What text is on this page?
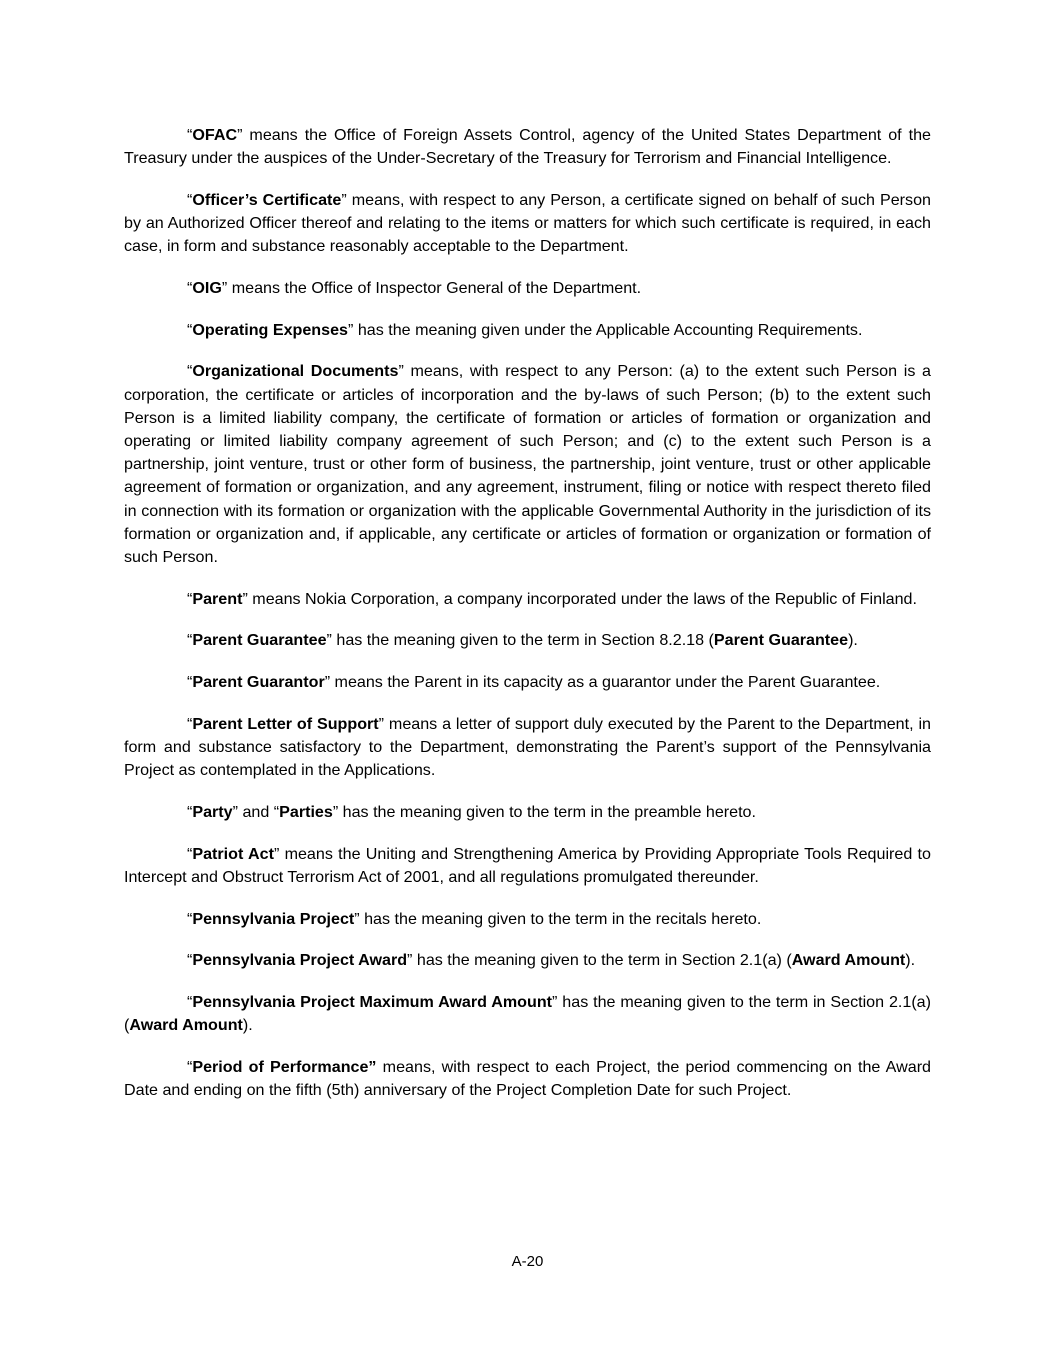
“OFAC” means the Office of Foreign Assets Control, agency of the United States Department of the Treasury under the auspices of the Under-Secretary of the Treasury for Terrorism and Financial Intelligence.

“Officer’s Certificate” means, with respect to any Person, a certificate signed on behalf of such Person by an Authorized Officer thereof and relating to the items or matters for which such certificate is required, in each case, in form and substance reasonably acceptable to the Department.

“OIG” means the Office of Inspector General of the Department.

“Operating Expenses” has the meaning given under the Applicable Accounting Requirements.

“Organizational Documents” means, with respect to any Person: (a) to the extent such Person is a corporation, the certificate or articles of incorporation and the by-laws of such Person; (b) to the extent such Person is a limited liability company, the certificate of formation or articles of formation or organization and operating or limited liability company agreement of such Person; and (c) to the extent such Person is a partnership, joint venture, trust or other form of business, the partnership, joint venture, trust or other applicable agreement of formation or organization, and any agreement, instrument, filing or notice with respect thereto filed in connection with its formation or organization with the applicable Governmental Authority in the jurisdiction of its formation or organization and, if applicable, any certificate or articles of formation or organization or formation of such Person.

“Parent” means Nokia Corporation, a company incorporated under the laws of the Republic of Finland.

“Parent Guarantee” has the meaning given to the term in Section 8.2.18 (Parent Guarantee).

“Parent Guarantor” means the Parent in its capacity as a guarantor under the Parent Guarantee.

“Parent Letter of Support” means a letter of support duly executed by the Parent to the Department, in form and substance satisfactory to the Department, demonstrating the Parent’s support of the Pennsylvania Project as contemplated in the Applications.

“Party” and “Parties” has the meaning given to the term in the preamble hereto.

“Patriot Act” means the Uniting and Strengthening America by Providing Appropriate Tools Required to Intercept and Obstruct Terrorism Act of 2001, and all regulations promulgated thereunder.

“Pennsylvania Project” has the meaning given to the term in the recitals hereto.

“Pennsylvania Project Award” has the meaning given to the term in Section 2.1(a) (Award Amount).

“Pennsylvania Project Maximum Award Amount” has the meaning given to the term in Section 2.1(a) (Award Amount).

“Period of Performance” means, with respect to each Project, the period commencing on the Award Date and ending on the fifth (5th) anniversary of the Project Completion Date for such Project.

A-20
